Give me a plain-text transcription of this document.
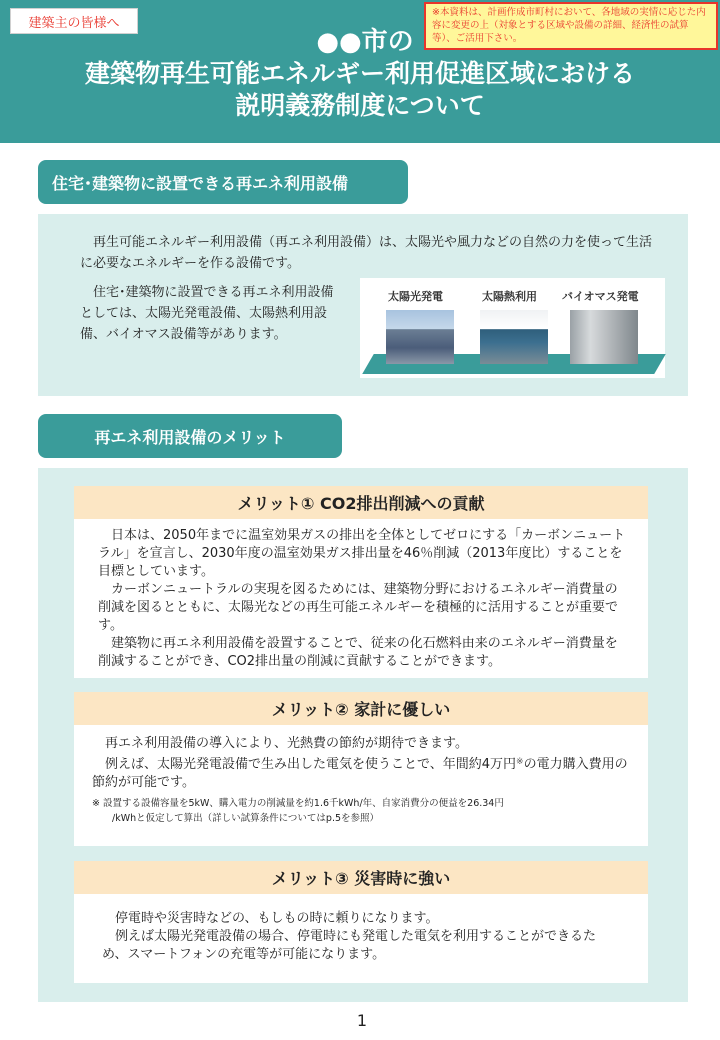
建築主の皆様へ
※本資料は、計画作成市町村において、各地域の実情に応じた内容に変更の上（対象とする区域や設備の詳細、経済性の試算等）、ご活用下さい。
●●市の
建築物再生可能エネルギー利用促進区域における
説明義務制度について
住宅･建築物に設置できる再エネ利用設備
再生可能エネルギー利用設備（再エネ利用設備）は、太陽光や風力などの自然の力を使って生活に必要なエネルギーを作る設備です。
住宅･建築物に設置できる再エネ利用設備としては、太陽光発電設備、太陽熱利用設備、バイオマス設備等があります。
太陽光発電	太陽熱利用 バイオマス発電
再エネ利用設備のメリット
メリット① CO2排出削減への貢献

日本は、2050年までに温室効果ガスの排出を全体としてゼロにする「カーボンニュートラル」を宣言し、2030年度の温室効果ガス排出量を46％削減（2013年度比）することを目標としています。

カーボンニュートラルの実現を図るためには、建築物分野におけるエネルギー消費量の削減を図るとともに、太陽光などの再生可能エネルギーを積極的に活用することが重要です。

建築物に再エネ利用設備を設置することで、従来の化石燃料由来のエネルギー消費量を削減することができ、CO2排出量の削減に貢献することができます。

メリット② 家計に優しい

再エネ利用設備の導入により、光熱費の節約が期待できます。

例えば、太陽光発電設備で生み出した電気を使うことで、年間約4万円※の電力購入費用の節約が可能です。

※ 設置する設備容量を5kW、購入電力の削減量を約1.6千kWh/年、自家消費分の便益を26.34円
/kWhと仮定して算出（詳しい試算条件についてはp.5を参照）

メリット③ 災害時に強い

停電時や災害時などの、もしもの時に頼りになります。

例えば太陽光発電設備の場合、停電時にも発電した電気を利用することができるため、スマートフォンの充電等が可能になります。

1
